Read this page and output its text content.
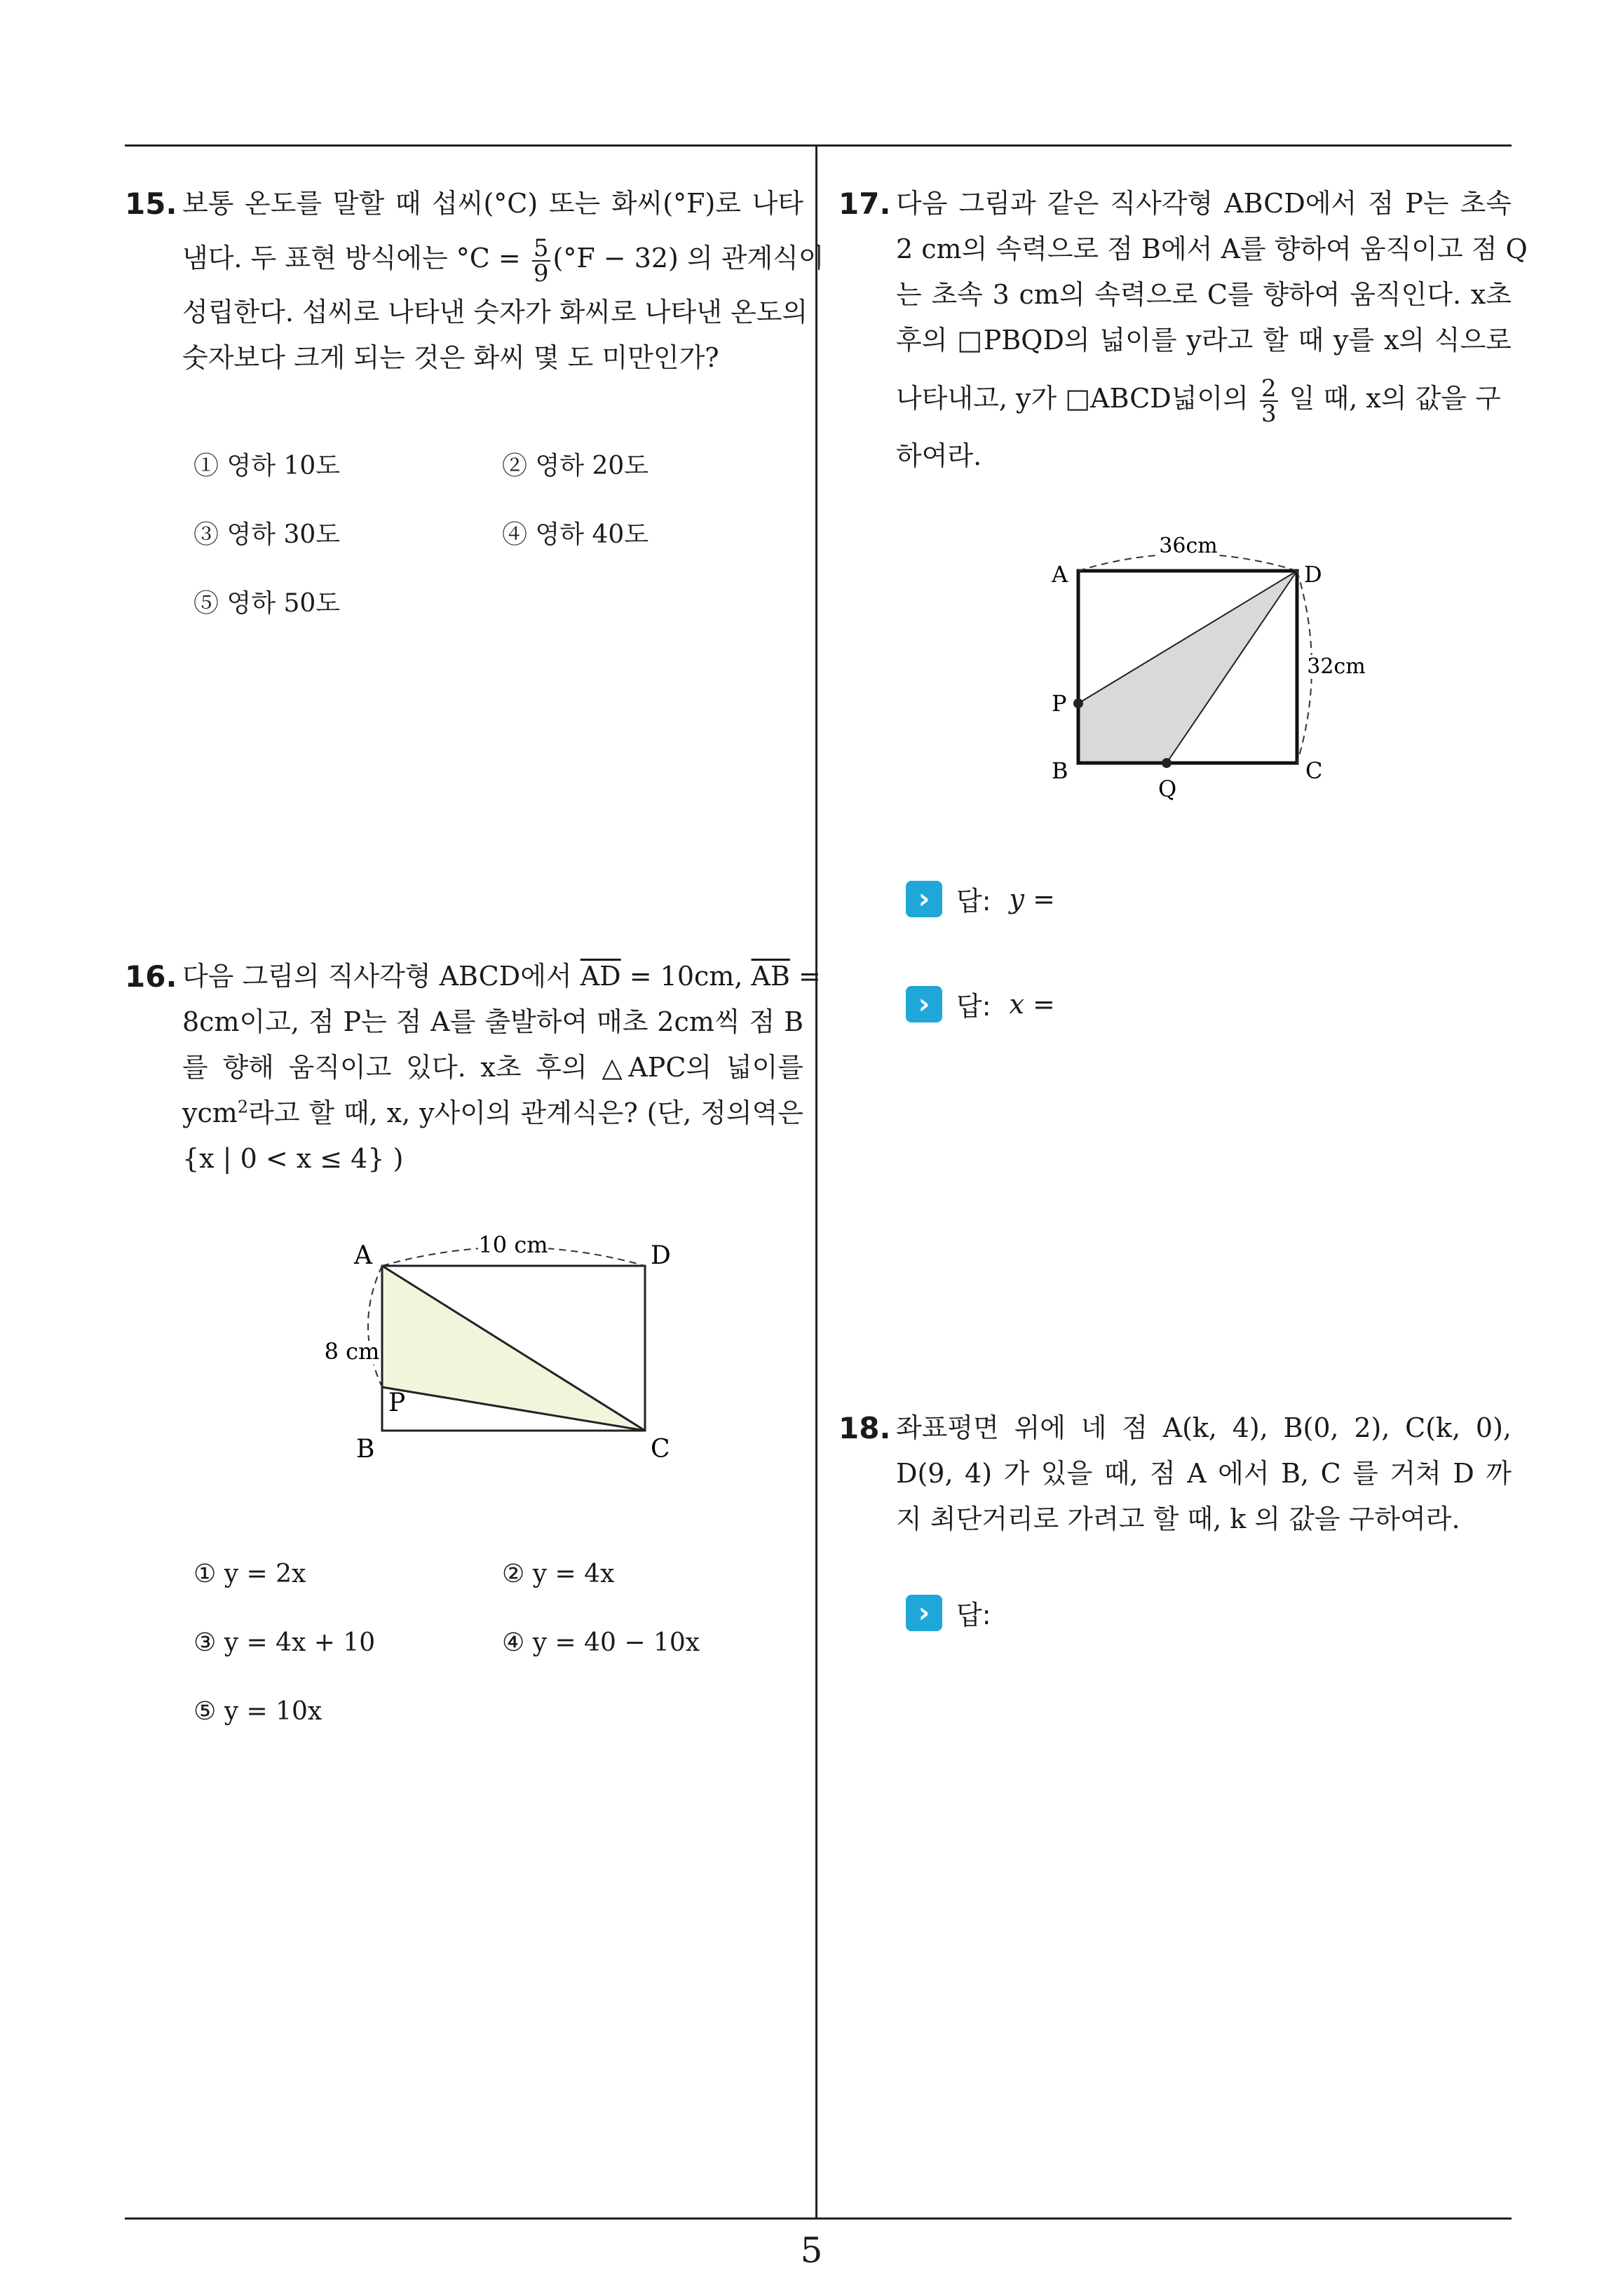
15. 보통 온도를 말할 때 섭씨(°C) 또는 화씨(°F)로 나타
냄다. 두 표현 방식에는 $^\circ C = \frac{5}{9} (^\circ F - 32)$ 의 관계식이
성립한다. 섭씨로 나타낸 숫자가 화씨로 나타낸 온도의
숫자보다 크게 되는 것은 화씨 몇 도 미만인가?
① 영하 10도	② 영하 20도
③ 영하 30도	④ 영하 40도
⑤ 영하 50도
16. 다음 그림의 직사각형 ABCD에서 $\overline{AD} = 10cm$, $\overline{AB}$ =
8cm이고, 점 P는 점 A를 출발하여 매초 2cm씩 점 B
를 향해 움직이고 있다. x초 후의 △APC의 넓이를
ycm$^2$라고 할 때, x, y사이의 관계식은? (단, 정의역은
{x | 0 < x ≤ 4} )
10 cm
8 cm
A	D
B	C
P
① y = 2x	② y = 4x
③ y = 4x + 10	④ y = 40 − 10x
⑤ y = 10x
17. 다음 그림과 같은 직사각형 ABCD에서 점 P는 초속
2 cm의 속력으로 점 B에서 A를 향하여 움직이고 점 Q
는 초속 3 cm의 속력으로 C를 향하여 움직인다. x초
후의 □PBQD의 넓이를 y라고 할 때 y를 x의 식으로
나타내고, y가 □ABCD넓이의 $\frac{2}{3}$ 일 때, x의 값을 구
하여라.
36cm
32cm
A	D
B	C
P
Q
› 답: y =
› 답: x =
18. 좌표평면 위에 네 점 A(k, 4), B(0, 2), C(k, 0),
D(9, 4) 가 있을 때, 점 A 에서 B, C 를 거쳐 D 까
지 최단거리로 가려고 할 때, k 의 값을 구하여라.
› 답:
5
